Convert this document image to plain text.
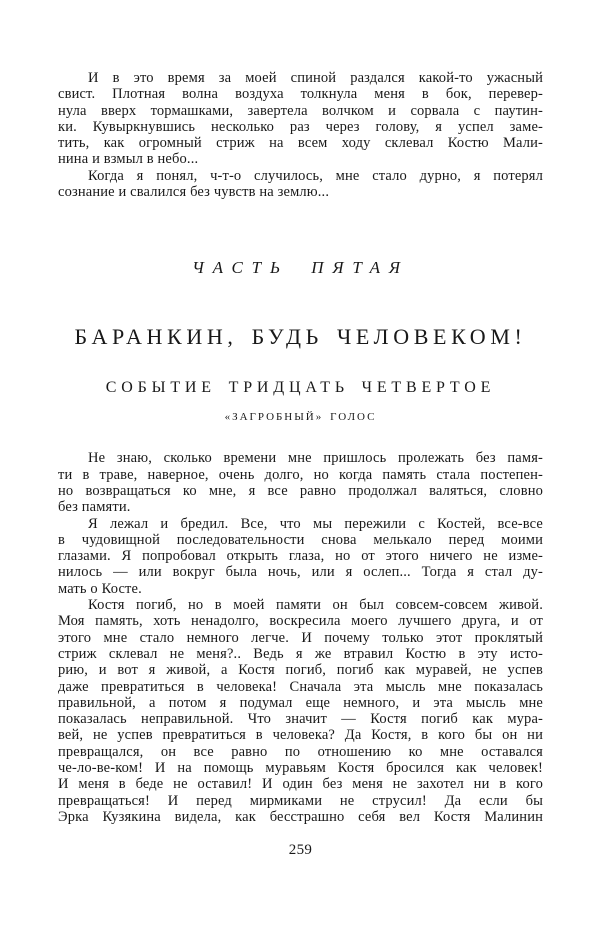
И в это время за моей спиной раздался какой-то ужасный
свист. Плотная волна воздуха толкнула меня в бок, перевер-
нула вверх тормашками, завертела волчком и сорвала с паутин-
ки. Кувыркнувшись несколько раз через голову, я успел заме-
тить, как огромный стриж на всем ходу склевал Костю Мали-
нина и взмыл в небо...
Когда я понял, ч-т-о случилось, мне стало дурно, я потерял
сознание и свалился без чувств на землю...
ЧАСТЬ ПЯТАЯ
БАРАНКИН, БУДЬ ЧЕЛОВЕКОМ!
СОБЫТИЕ ТРИДЦАТЬ ЧЕТВЕРТОЕ
«ЗАГРОБНЫЙ» ГОЛОС
Не знаю, сколько времени мне пришлось пролежать без памя-
ти в траве, наверное, очень долго, но когда память стала постепен-
но возвращаться ко мне, я все равно продолжал валяться, словно
без памяти.
Я лежал и бредил. Все, что мы пережили с Костей, все-все
в чудовищной последовательности снова мелькало перед моими
глазами. Я попробовал открыть глаза, но от этого ничего не изме-
нилось — или вокруг была ночь, или я ослеп... Тогда я стал ду-
мать о Косте.
Костя погиб, но в моей памяти он был совсем-совсем живой.
Моя память, хоть ненадолго, воскресила моего лучшего друга, и от
этого мне стало немного легче. И почему только этот проклятый
стриж склевал не меня?.. Ведь я же втравил Костю в эту исто-
рию, и вот я живой, а Костя погиб, погиб как муравей, не успев
даже превратиться в человека! Сначала эта мысль мне показалась
правильной, а потом я подумал еще немного, и эта мысль мне
показалась неправильной. Что значит — Костя погиб как мура-
вей, не успев превратиться в человека? Да Костя, в кого бы он ни
превращался, он все равно по отношению ко мне оставался
че-ло-ве-ком! И на помощь муравьям Костя бросился как человек!
И меня в беде не оставил! И один без меня не захотел ни в кого
превращаться! И перед мирмиками не струсил! Да если бы
Эрка Кузякина видела, как бесстрашно себя вел Костя Малинин
259
